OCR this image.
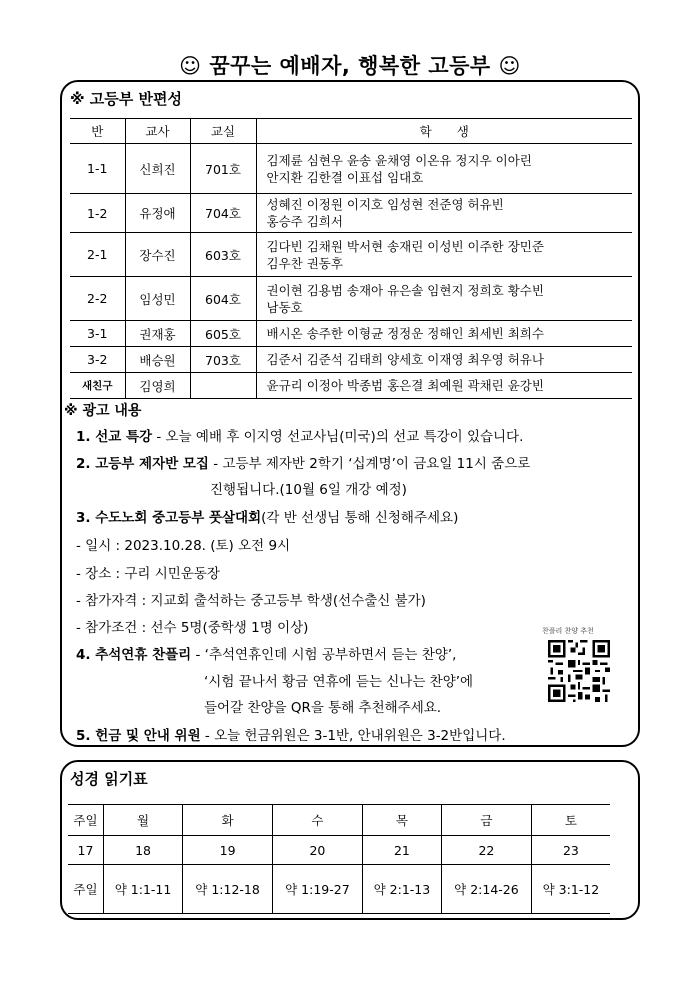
☺ 꿈꾸는 예배자, 행복한 고등부 ☺
※ 고등부 반편성
반	교사	교실	학　　생
1-1	신희진	701호	김제륜 심현우 윤송 윤채영 이온유 정지우 이아린
안지환 김한결 이표섭 임대호

1-2	유정애	704호	성혜진 이정원 이지호 임성현 전준영 허유빈
홍승주 김희서

2-1	장수진	603호	김다빈 김채원 박서현 송재린 이성빈 이주한 장민준
김우찬 권동후

2-2	임성민	604호	권이현 김용범 송재아 유은솔 임현지 정희호 황수빈
남동호

3-1	권재홍	605호	배시온 송주한 이형균 정정운 정해인 최세빈 최희수

3-2	배승원	703호	김준서 김준석 김태희 양세호 이재영 최우영 허유나

새친구	김영희		윤규리 이정아 박종범 홍은결 최예원 곽채린 윤강빈
※ 광고 내용
1. 선교 특강 - 오늘 예배 후 이지영 선교사님(미국)의 선교 특강이 있습니다.
2. 고등부 제자반 모집 - 고등부 제자반 2학기 ‘십계명’이 금요일 11시 줌으로
진행됩니다.(10월 6일 개강 예정)
3. 수도노회 중고등부 풋살대회(각 반 선생님 통해 신청해주세요)
- 일시 : 2023.10.28. (토) 오전 9시
- 장소 : 구리 시민운동장
- 참가자격 : 지교회 출석하는 중고등부 학생(선수출신 불가)
- 참가조건 : 선수 5명(중학생 1명 이상)
4. 추석연휴 찬플리 - ‘추석연휴인데 시험 공부하면서 듣는 찬양’,
‘시험 끝나서 황금 연휴에 듣는 신나는 찬양’에
들어갈 찬양을 QR을 통해 추천해주세요.
찬플리 찬양 추천
5. 헌금 및 안내 위원 - 오늘 헌금위원은 3-1반, 안내위원은 3-2반입니다.
성경 읽기표
주일	월	화	수	목	금	토
17	18	19	20	21	22	23
주일	약 1:1-11	약 1:12-18	약 1:19-27	약 2:1-13	약 2:14-26	약 3:1-12
